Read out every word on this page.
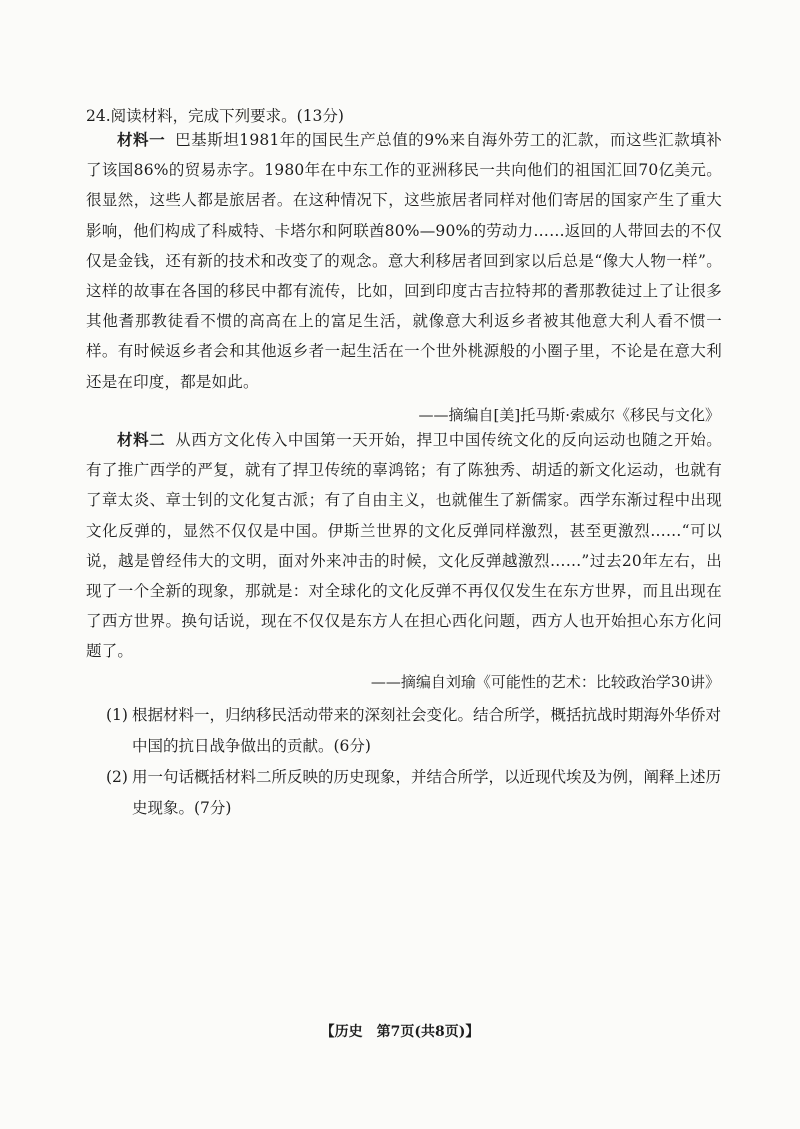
24.阅读材料，完成下列要求。(13分)
材料一 巴基斯坦1981年的国民生产总值的9%来自海外劳工的汇款，而这些汇款填补了该国86%的贸易赤字。1980年在中东工作的亚洲移民一共向他们的祖国汇回70亿美元。很显然，这些人都是旅居者。在这种情况下，这些旅居者同样对他们寄居的国家产生了重大影响，他们构成了科威特、卡塔尔和阿联酋80%—90%的劳动力……返回的人带回去的不仅仅是金钱，还有新的技术和改变了的观念。意大利移居者回到家以后总是“像大人物一样”。这样的故事在各国的移民中都有流传，比如，回到印度古吉拉特邦的耆那教徒过上了让很多其他耆那教徒看不惯的高高在上的富足生活，就像意大利返乡者被其他意大利人看不惯一样。有时候返乡者会和其他返乡者一起生活在一个世外桃源般的小圈子里，不论是在意大利还是在印度，都是如此。
——摘编自[美]托马斯·索威尔《移民与文化》
材料二 从西方文化传入中国第一天开始，捍卫中国传统文化的反向运动也随之开始。有了推广西学的严复，就有了捍卫传统的辜鸿铭；有了陈独秀、胡适的新文化运动，也就有了章太炎、章士钊的文化复古派；有了自由主义，也就催生了新儒家。西学东渐过程中出现文化反弹的，显然不仅仅是中国。伊斯兰世界的文化反弹同样激烈，甚至更激烈……“可以说，越是曾经伟大的文明，面对外来冲击的时候，文化反弹越激烈……”过去20年左右，出现了一个全新的现象，那就是：对全球化的文化反弹不再仅仅发生在东方世界，而且出现在了西方世界。换句话说，现在不仅仅是东方人在担心西化问题，西方人也开始担心东方化问题了。
——摘编自刘瑜《可能性的艺术：比较政治学30讲》
(1) 根据材料一，归纳移民活动带来的深刻社会变化。结合所学，概括抗战时期海外华侨对中国的抗日战争做出的贡献。(6分)
(2) 用一句话概括材料二所反映的历史现象，并结合所学，以近现代埃及为例，阐释上述历史现象。(7分)
【历史　第7页(共8页)】
